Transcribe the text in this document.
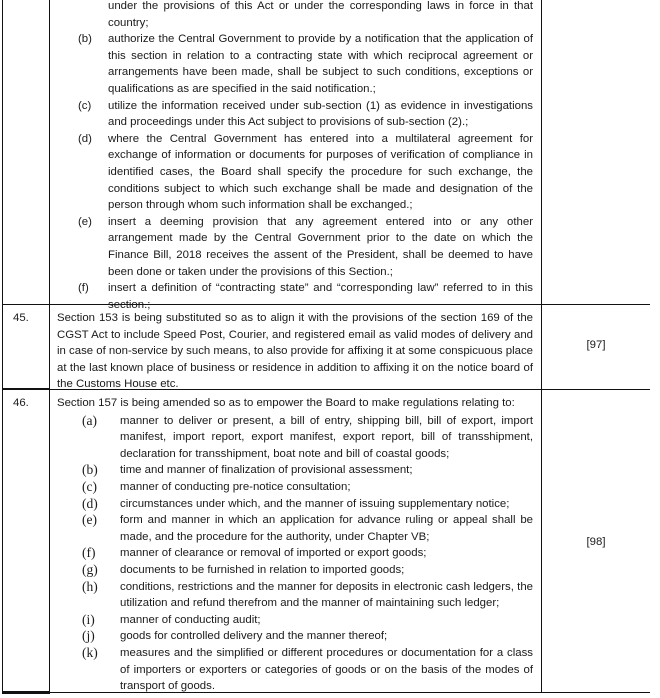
under the provisions of this Act or under the corresponding laws in force in that
country;
(b)	authorize the Central Government to provide by a notification that the application of this section in relation to a contracting state with which reciprocal agreement or arrangements have been made, shall be subject to such conditions, exceptions or qualifications as are specified in the said notification.;
(c)	utilize the information received under sub-section (1) as evidence in investigations and proceedings under this Act subject to provisions of sub-section (2).;
(d)	where the Central Government has entered into a multilateral agreement for exchange of information or documents for purposes of verification of compliance in identified cases, the Board shall specify the procedure for such exchange, the conditions subject to which such exchange shall be made and designation of the person through whom such information shall be exchanged.;
(e)	insert a deeming provision that any agreement entered into or any other arrangement made by the Central Government prior to the date on which the Finance Bill, 2018 receives the assent of the President, shall be deemed to have been done or taken under the provisions of this Section.;
(f)	insert a definition of “contracting state” and “corresponding law” referred to in this section.;
45. Section 153 is being substituted so as to align it with the provisions of the section 169 of the CGST Act to include Speed Post, Courier, and registered email as valid modes of delivery and in case of non-service by such means, to also provide for affixing it at some conspicuous place at the last known place of business or residence in addition to affixing it on the notice board of the Customs House etc.

[97]
46. Section 157 is being amended so as to empower the Board to make regulations relating to:

(a)	manner to deliver or present, a bill of entry, shipping bill, bill of export, import manifest, import report, export manifest, export report, bill of transshipment, declaration for transshipment, boat note and bill of coastal goods;
(b)	time and manner of finalization of provisional assessment;
(c)	manner of conducting pre-notice consultation;
(d)	circumstances under which, and the manner of issuing supplementary notice;
(e)	form and manner in which an application for advance ruling or appeal shall be made, and the procedure for the authority, under Chapter VB;
(f)	manner of clearance or removal of imported or export goods;
(g)	documents to be furnished in relation to imported goods;
(h)	conditions, restrictions and the manner for deposits in electronic cash ledgers, the utilization and refund therefrom and the manner of maintaining such ledger;
(i)	manner of conducting audit;
(j)	goods for controlled delivery and the manner thereof;
(k)	measures and the simplified or different procedures or documentation for a class of importers or exporters or categories of goods or on the basis of the modes of transport of goods.
[98]
